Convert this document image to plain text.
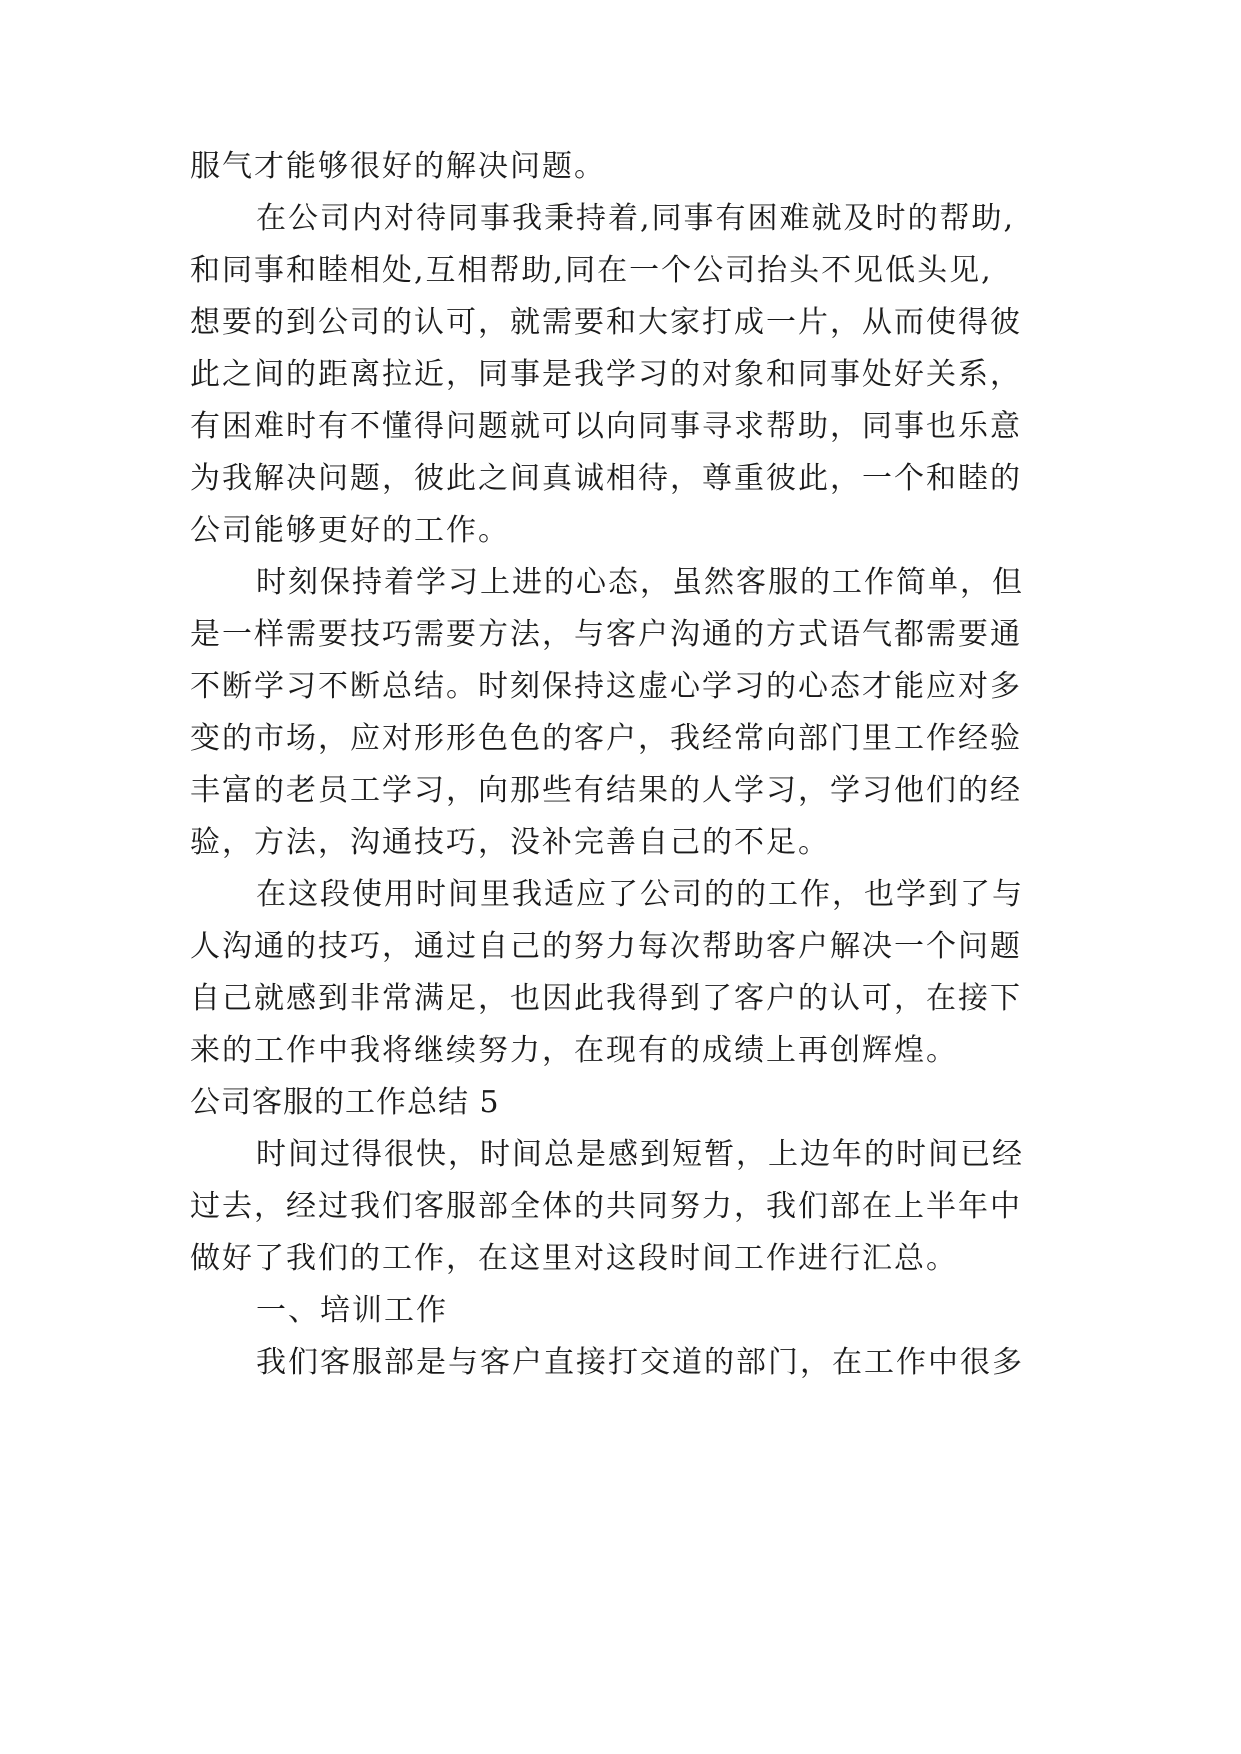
服气才能够很好的解决问题。

在公司内对待同事我秉持着,同事有困难就及时的帮助,

和同事和睦相处,互相帮助,同在一个公司抬头不见低头见,

想要的到公司的认可，就需要和大家打成一片，从而使得彼

此之间的距离拉近，同事是我学习的对象和同事处好关系，

有困难时有不懂得问题就可以向同事寻求帮助，同事也乐意

为我解决问题，彼此之间真诚相待，尊重彼此，一个和睦的

公司能够更好的工作。

时刻保持着学习上进的心态，虽然客服的工作简单，但

是一样需要技巧需要方法，与客户沟通的方式语气都需要通

不断学习不断总结。时刻保持这虚心学习的心态才能应对多

变的市场，应对形形色色的客户，我经常向部门里工作经验

丰富的老员工学习，向那些有结果的人学习，学习他们的经

验，方法，沟通技巧，没补完善自己的不足。

在这段使用时间里我适应了公司的的工作，也学到了与

人沟通的技巧，通过自己的努力每次帮助客户解决一个问题

自己就感到非常满足，也因此我得到了客户的认可，在接下

来的工作中我将继续努力，在现有的成绩上再创辉煌。

公司客服的工作总结 5

时间过得很快，时间总是感到短暂，上边年的时间已经

过去，经过我们客服部全体的共同努力，我们部在上半年中

做好了我们的工作，在这里对这段时间工作进行汇总。

一、培训工作

我们客服部是与客户直接打交道的部门，在工作中很多
